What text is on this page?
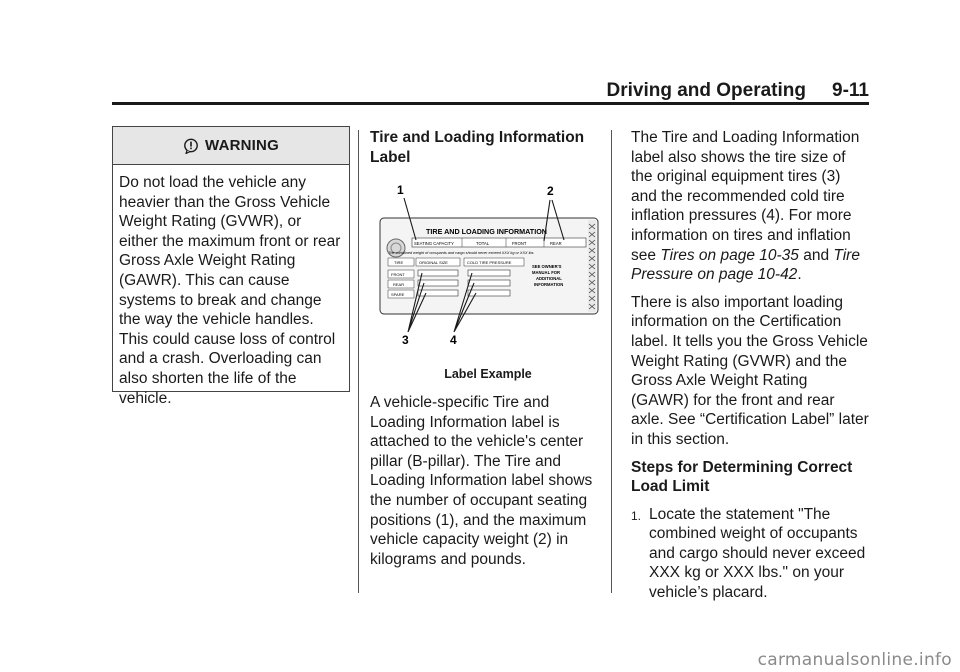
Driving and Operating 9-11
WARNING
Do not load the vehicle any heavier than the Gross Vehicle Weight Rating (GVWR), or either the maximum front or rear Gross Axle Weight Rating (GAWR). This can cause systems to break and change the way the vehicle handles. This could cause loss of control and a crash. Overloading can also shorten the life of the vehicle.

Tire and Loading Information Label

1	2
3	4
TIRE AND LOADING INFORMATION
SEATING CAPACITY	TOTAL	FRONT	REAR
The combined weight of occupants and cargo should never exceed XXX kg or XXX lbs.
TIRE	ORIGINAL SIZE	COLD TIRE PRESSURE
FRONT
REAR
SPARE
SEE OWNER'S
MANUAL FOR
ADDITIONAL
INFORMATION
Label Example

A vehicle-specific Tire and Loading Information label is attached to the vehicle's center pillar (B-pillar). The Tire and Loading Information label shows the number of occupant seating positions (1), and the maximum vehicle capacity weight (2) in kilograms and pounds.

The Tire and Loading Information label also shows the tire size of the original equipment tires (3) and the recommended cold tire inflation pressures (4). For more information on tires and inflation see Tires on page 10-35 and Tire Pressure on page 10-42.

There is also important loading information on the Certification label. It tells you the Gross Vehicle Weight Rating (GVWR) and the Gross Axle Weight Rating (GAWR) for the front and rear axle. See “Certification Label” later in this section.

Steps for Determining Correct Load Limit

1. Locate the statement "The combined weight of occupants and cargo should never exceed XXX kg or XXX lbs." on your vehicle’s placard.
carmanualsonline.info
